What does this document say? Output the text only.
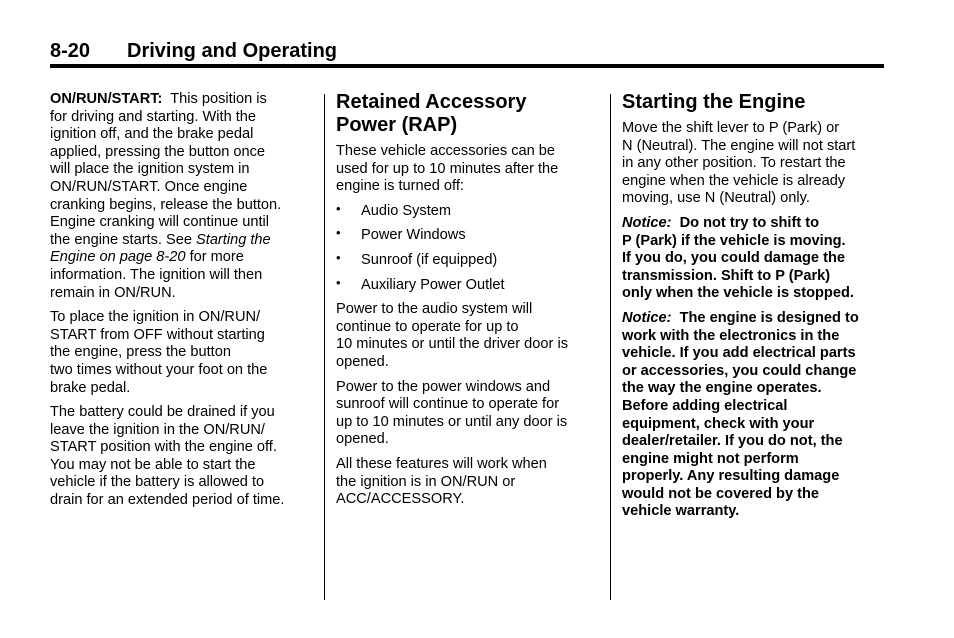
8-20 Driving and Operating

ON/RUN/START:  This position is
for driving and starting. With the
ignition off, and the brake pedal
applied, pressing the button once
will place the ignition system in
ON/RUN/START. Once engine
cranking begins, release the button.
Engine cranking will continue until
the engine starts. See Starting the
Engine on page 8-20 for more
information. The ignition will then
remain in ON/RUN.

To place the ignition in ON/RUN/
START from OFF without starting
the engine, press the button
two times without your foot on the
brake pedal.

The battery could be drained if you
leave the ignition in the ON/RUN/
START position with the engine off.
You may not be able to start the
vehicle if the battery is allowed to
drain for an extended period of time.

Retained Accessory
Power (RAP)

These vehicle accessories can be
used for up to 10 minutes after the
engine is turned off:

• Audio System
• Power Windows
• Sunroof (if equipped)
• Auxiliary Power Outlet

Power to the audio system will
continue to operate for up to
10 minutes or until the driver door is
opened.

Power to the power windows and
sunroof will continue to operate for
up to 10 minutes or until any door is
opened.

All these features will work when
the ignition is in ON/RUN or
ACC/ACCESSORY.

Starting the Engine

Move the shift lever to P (Park) or
N (Neutral). The engine will not start
in any other position. To restart the
engine when the vehicle is already
moving, use N (Neutral) only.

Notice:  Do not try to shift to
P (Park) if the vehicle is moving.
If you do, you could damage the
transmission. Shift to P (Park)
only when the vehicle is stopped.

Notice:  The engine is designed to
work with the electronics in the
vehicle. If you add electrical parts
or accessories, you could change
the way the engine operates.
Before adding electrical
equipment, check with your
dealer/retailer. If you do not, the
engine might not perform
properly. Any resulting damage
would not be covered by the
vehicle warranty.
